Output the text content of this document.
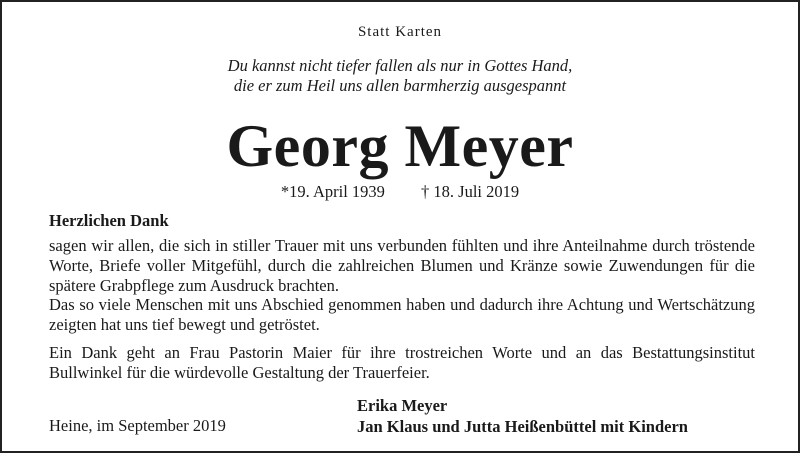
Statt Karten
Du kannst nicht tiefer fallen als nur in Gottes Hand,
die er zum Heil uns allen barmherzig ausgespannt
Georg Meyer
*19. April 1939 † 18. Juli 2019
Herzlichen Dank
sagen wir allen, die sich in stiller Trauer mit uns verbunden fühlten und ihre Anteilnahme durch tröstende Worte, Briefe voller Mitgefühl, durch die zahlreichen Blumen und Kränze sowie Zuwendungen für die spätere Grabpflege zum Ausdruck brachten.
Das so viele Menschen mit uns Abschied genommen haben und dadurch ihre Achtung und Wertschätzung zeigten hat uns tief bewegt und getröstet.
Ein Dank geht an Frau Pastorin Maier für ihre trostreichen Worte und an das Bestattungsinstitut Bullwinkel für die würdevolle Gestaltung der Trauerfeier.
Heine, im September 2019
Erika Meyer
Jan Klaus und Jutta Heißenbüttel mit Kindern
